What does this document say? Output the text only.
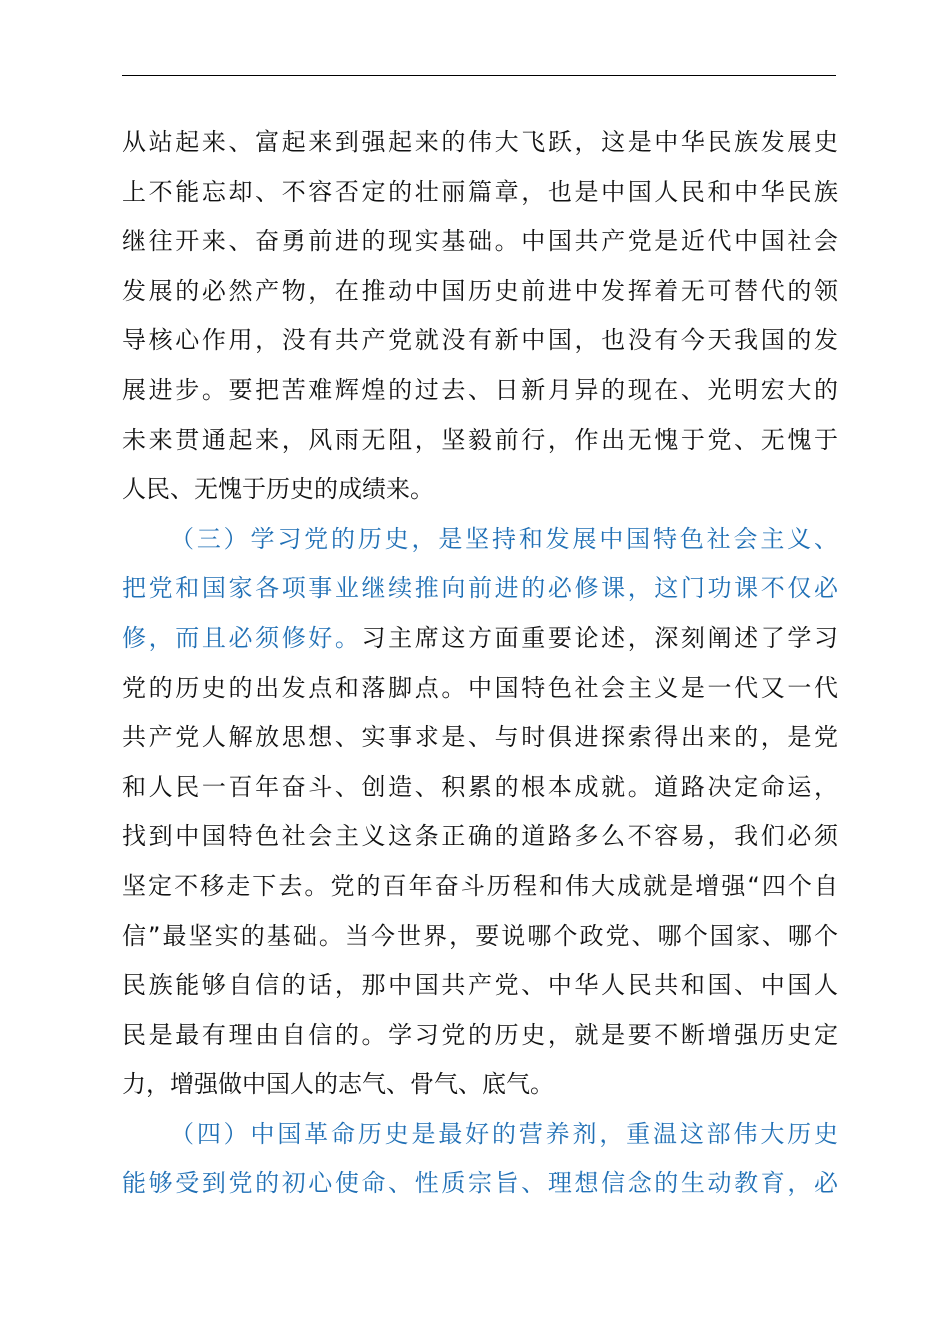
从站起来、富起来到强起来的伟大飞跃，这是中华民族发展史
上不能忘却、不容否定的壮丽篇章，也是中国人民和中华民族
继往开来、奋勇前进的现实基础。中国共产党是近代中国社会
发展的必然产物，在推动中国历史前进中发挥着无可替代的领
导核心作用，没有共产党就没有新中国，也没有今天我国的发
展进步。要把苦难辉煌的过去、日新月异的现在、光明宏大的
未来贯通起来，风雨无阻，坚毅前行，作出无愧于党、无愧于
人民、无愧于历史的成绩来。
（三）学习党的历史，是坚持和发展中国特色社会主义、
把党和国家各项事业继续推向前进的必修课，这门功课不仅必
修，而且必须修好。习主席这方面重要论述，深刻阐述了学习
党的历史的出发点和落脚点。中国特色社会主义是一代又一代
共产党人解放思想、实事求是、与时俱进探索得出来的，是党
和人民一百年奋斗、创造、积累的根本成就。道路决定命运，
找到中国特色社会主义这条正确的道路多么不容易，我们必须
坚定不移走下去。党的百年奋斗历程和伟大成就是增强“四个自
信”最坚实的基础。当今世界，要说哪个政党、哪个国家、哪个
民族能够自信的话，那中国共产党、中华人民共和国、中国人
民是最有理由自信的。学习党的历史，就是要不断增强历史定
力，增强做中国人的志气、骨气、底气。
（四）中国革命历史是最好的营养剂，重温这部伟大历史
能够受到党的初心使命、性质宗旨、理想信念的生动教育，必
